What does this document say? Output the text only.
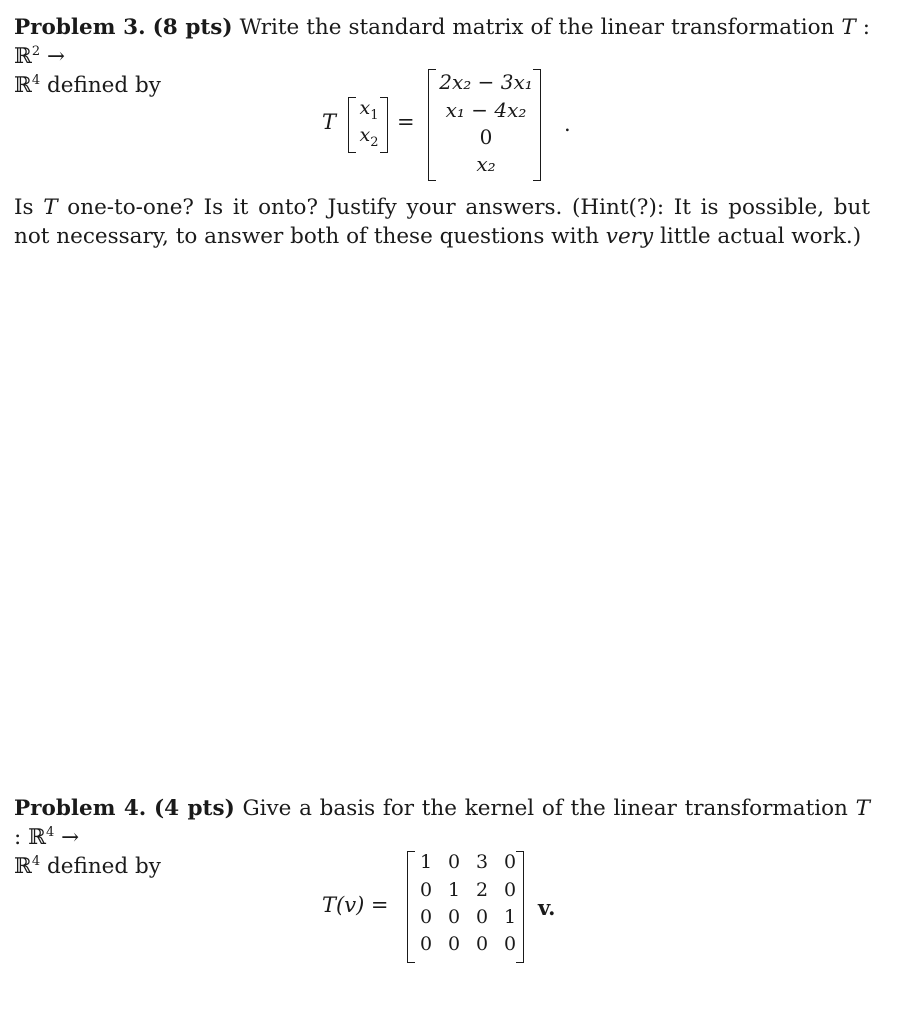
Problem 3. (8 pts) Write the standard matrix of the linear transformation T : ℝ$^2$ →
ℝ$^4$ defined by

T
$x_1$
$x_2$
=
2x₂ − 3x₁
x₁ − 4x₂
0
x₂
.

Is T one-to-one? Is it onto? Justify your answers. (Hint(?): It is possible, but not necessary, to answer both of these questions with very little actual work.)

Problem 4. (4 pts) Give a basis for the kernel of the linear transformation T : ℝ$^4$ →
ℝ$^4$ defined by

T(v) =
1 0 3 0
0 1 2 0
0 0 0 1
0 0 0 0
v.
